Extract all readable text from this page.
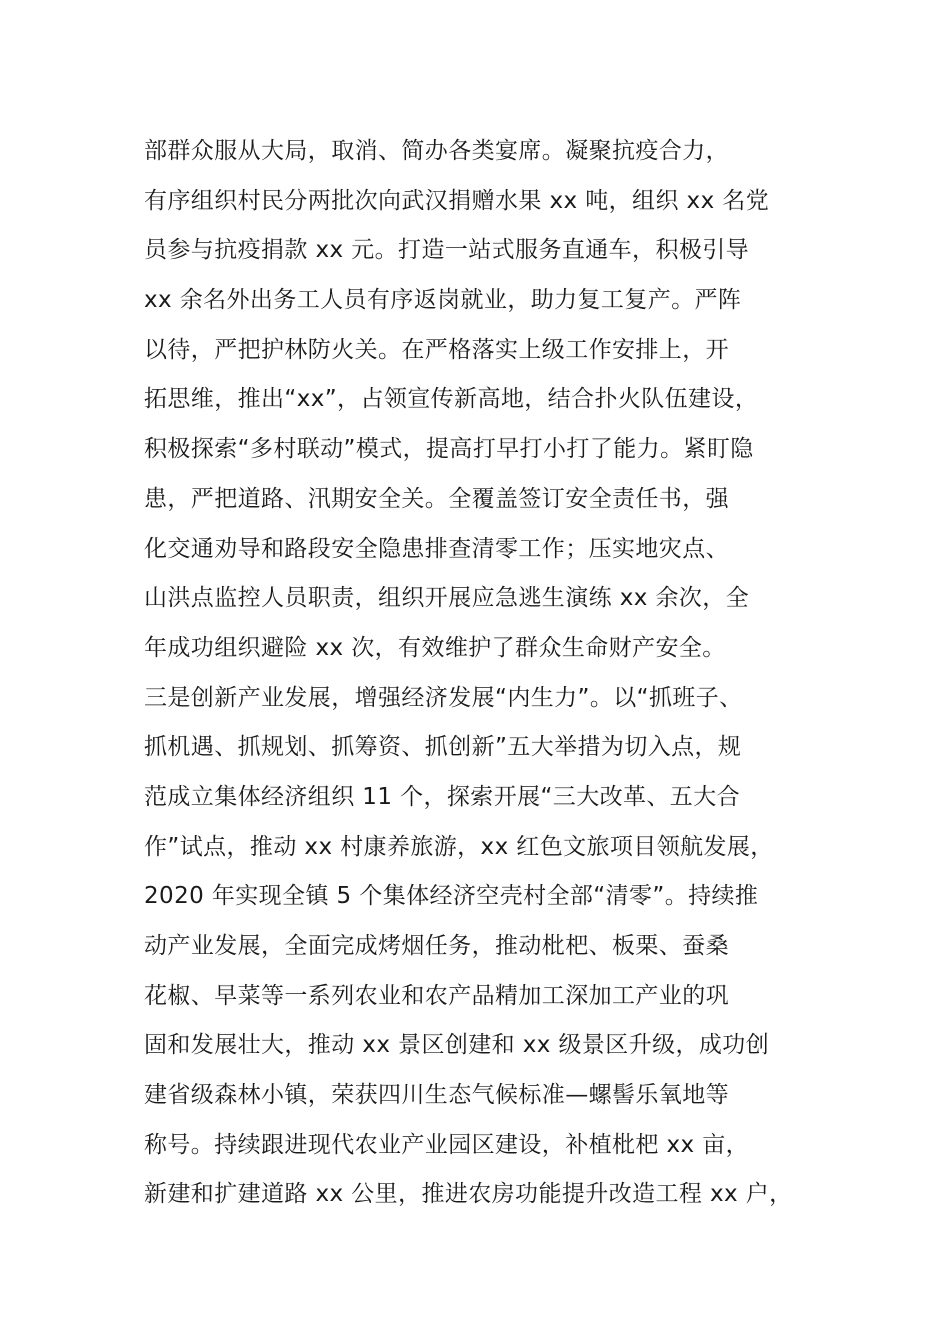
部群众服从大局，取消、简办各类宴席。凝聚抗疫合力，
有序组织村民分两批次向武汉捐赠水果 xx 吨，组织 xx 名党
员参与抗疫捐款 xx 元。打造一站式服务直通车，积极引导
xx 余名外出务工人员有序返岗就业，助力复工复产。严阵
以待，严把护林防火关。在严格落实上级工作安排上，开
拓思维，推出“xx”，占领宣传新高地，结合扑火队伍建设，
积极探索“多村联动”模式，提高打早打小打了能力。紧盯隐
患，严把道路、汛期安全关。全覆盖签订安全责任书，强
化交通劝导和路段安全隐患排查清零工作；压实地灾点、
山洪点监控人员职责，组织开展应急逃生演练 xx 余次，全
年成功组织避险 xx 次，有效维护了群众生命财产安全。
三是创新产业发展，增强经济发展“内生力”。以“抓班子、
抓机遇、抓规划、抓筹资、抓创新”五大举措为切入点，规
范成立集体经济组织 11 个，探索开展“三大改革、五大合
作”试点，推动 xx 村康养旅游，xx 红色文旅项目领航发展，
2020 年实现全镇 5 个集体经济空壳村全部“清零”。持续推
动产业发展，全面完成烤烟任务，推动枇杷、板栗、蚕桑
花椒、早菜等一系列农业和农产品精加工深加工产业的巩
固和发展壮大，推动 xx 景区创建和 xx 级景区升级，成功创
建省级森林小镇，荣获四川生态气候标准—螺髻乐氧地等
称号。持续跟进现代农业产业园区建设，补植枇杷 xx 亩，
新建和扩建道路 xx 公里，推进农房功能提升改造工程 xx 户，
